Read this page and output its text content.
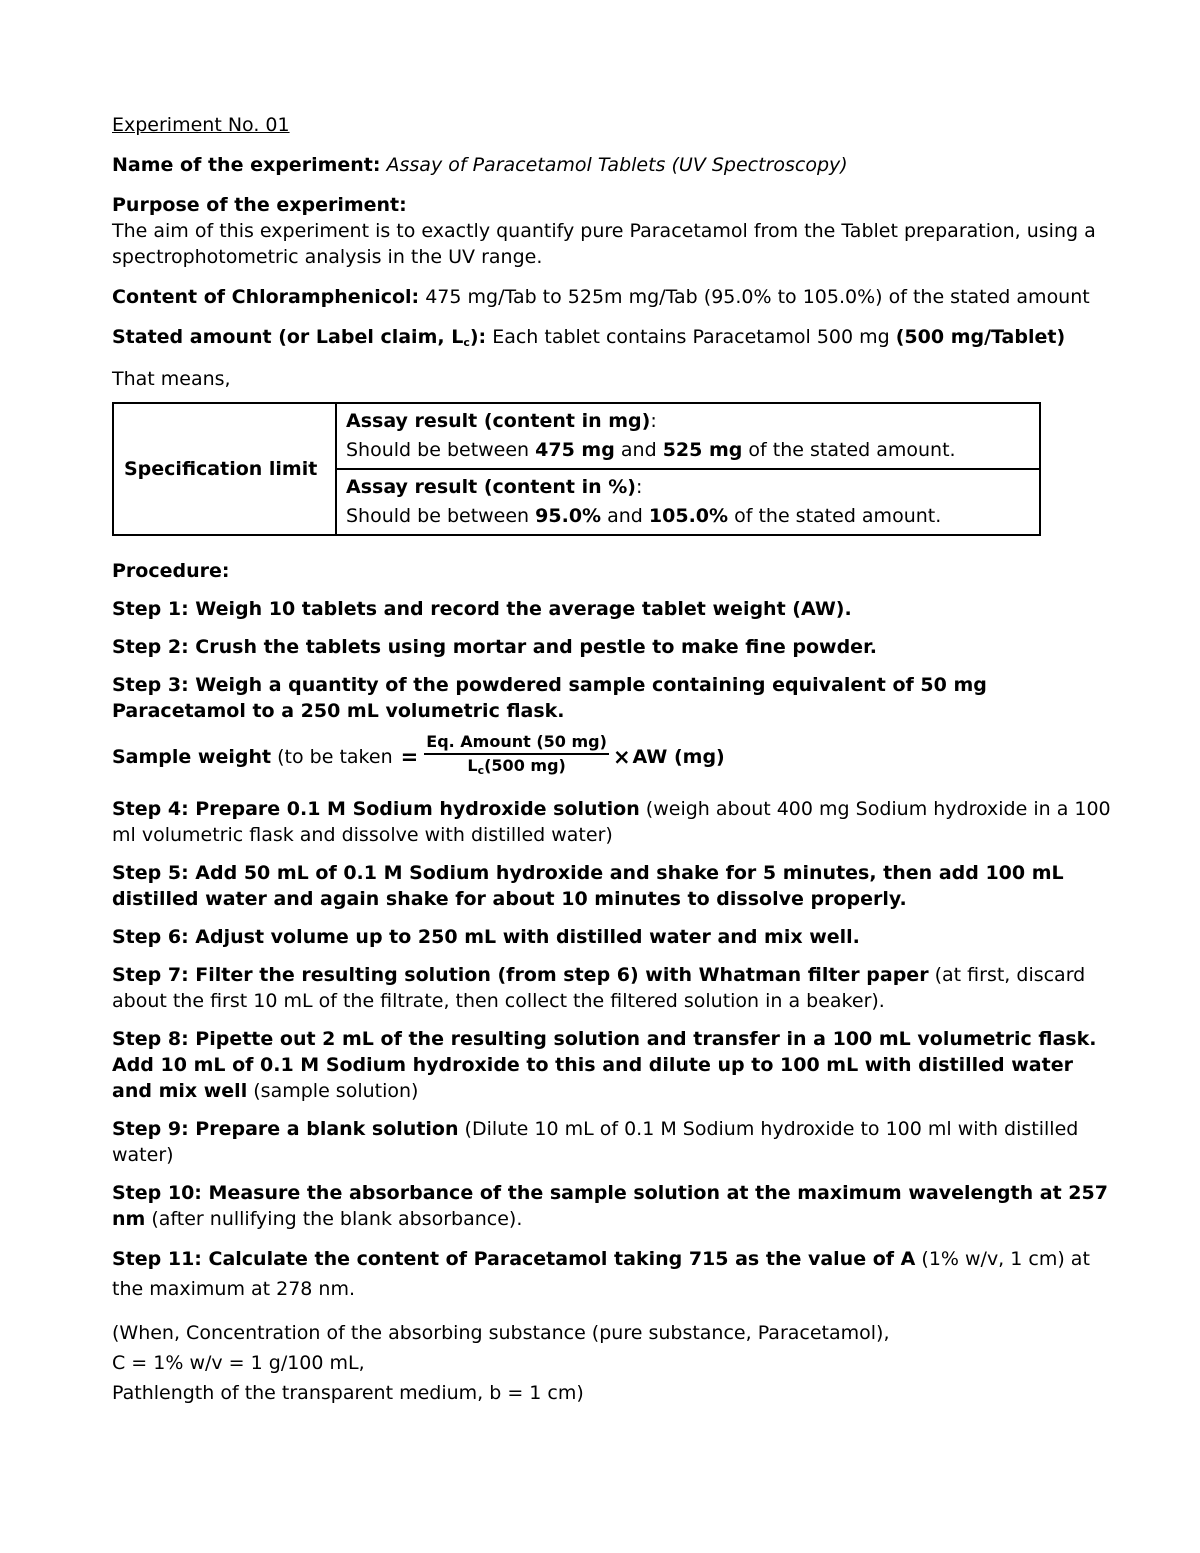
Experiment No. 01

Name of the experiment: Assay of Paracetamol Tablets (UV Spectroscopy)

Purpose of the experiment:

The aim of this experiment is to exactly quantify pure Paracetamol from the Tablet preparation, using a spectrophotometric analysis in the UV range.

Content of Chloramphenicol: 475 mg/Tab to 525m mg/Tab (95.0% to 105.0%) of the stated amount

Stated amount (or Label claim, $L_c$): Each tablet contains Paracetamol 500 mg (500 mg/Tablet)

That means,

Specification limit	Assay result (content in mg):
Should be between 475 mg and 525 mg of the stated amount.
Assay result (content in %):
Should be between 95.0% and 105.0% of the stated amount.

Procedure:

Step 1: Weigh 10 tablets and record the average tablet weight (AW).

Step 2: Crush the tablets using mortar and pestle to make fine powder.

Step 3: Weigh a quantity of the powdered sample containing equivalent of 50 mg Paracetamol to a 250 mL volumetric flask.

Sample weight
(to be taken
= $\frac{\text{Eq. Amount (50 mg)}}{L_c(500 mg)}$ × AW (mg)

Step 4: Prepare 0.1 M Sodium hydroxide solution (weigh about 400 mg Sodium hydroxide in a 100 ml volumetric flask and dissolve with distilled water)

Step 5: Add 50 mL of 0.1 M Sodium hydroxide and shake for 5 minutes, then add 100 mL distilled water and again shake for about 10 minutes to dissolve properly.

Step 6: Adjust volume up to 250 mL with distilled water and mix well.

Step 7: Filter the resulting solution (from step 6) with Whatman filter paper (at first, discard about the first 10 mL of the filtrate, then collect the filtered solution in a beaker).

Step 8: Pipette out 2 mL of the resulting solution and transfer in a 100 mL volumetric flask. Add 10 mL of 0.1 M Sodium hydroxide to this and dilute up to 100 mL with distilled water and mix well (sample solution)

Step 9: Prepare a blank solution (Dilute 10 mL of 0.1 M Sodium hydroxide to 100 ml with distilled water)

Step 10: Measure the absorbance of the sample solution at the maximum wavelength at 257 nm (after nullifying the blank absorbance).

Step 11: Calculate the content of Paracetamol taking 715 as the value of A (1% w/v, 1 cm) at the maximum at 278 nm.

(When, Concentration of the absorbing substance (pure substance, Paracetamol),

C = 1% w/v = 1 g/100 mL,

Pathlength of the transparent medium, b = 1 cm)
